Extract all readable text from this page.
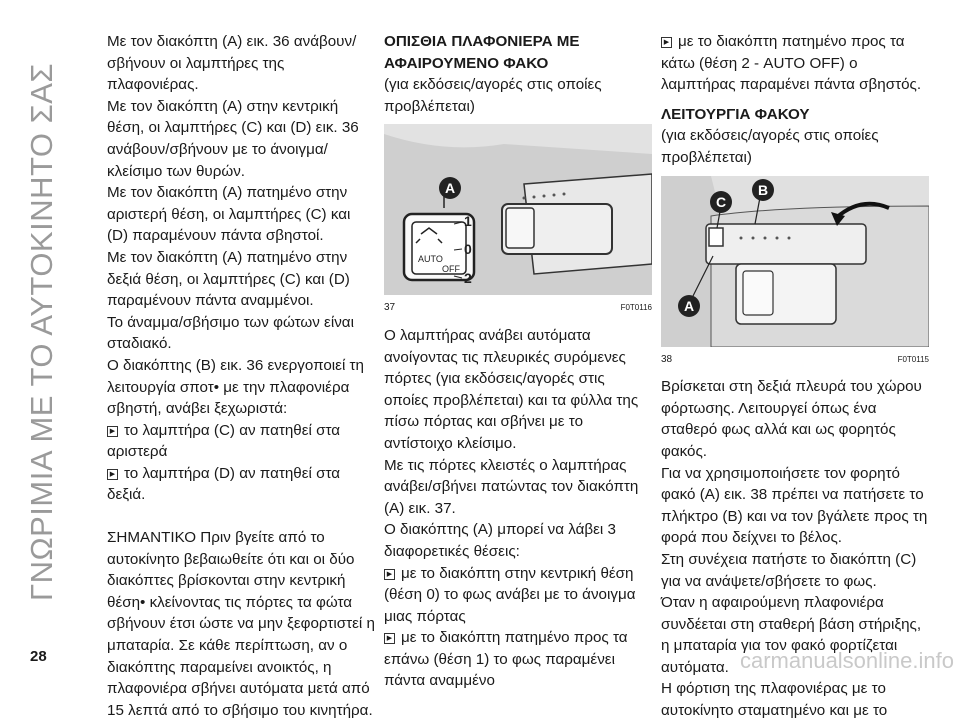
ΓΝΩΡΙΜΙΑ ΜΕ ΤΟ ΑΥΤΟΚΙΝΗΤΟ ΣΑΣ

Με τον διακόπτη (A) εικ. 36 ανάβουν/σβήνουν οι λαμπτήρες της πλαφονιέρας.

Με τον διακόπτη (A) στην κεντρική θέση, οι λαμπτήρες (C) και (D) εικ. 36 ανάβουν/σβήνουν με το άνοιγμα/κλείσιμο των θυρών.

Με τον διακόπτη (A) πατημένο στην αριστερή θέση, οι λαμπτήρες (C) και (D) παραμένουν πάντα σβηστοί.

Με τον διακόπτη (A) πατημένο στην δεξιά θέση, οι λαμπτήρες (C) και (D) παραμένουν πάντα αναμμένοι.

Το άναμμα/σβήσιμο των φώτων είναι σταδιακό.

Ο διακόπτης (B) εικ. 36 ενεργοποιεί τη λειτουργία σποτ• με την πλαφονιέρα σβηστή, ανάβει ξεχωριστά:

▶ το λαμπτήρα (C) αν πατηθεί στα αριστερά

▶ το λαμπτήρα (D) αν πατηθεί στα δεξιά.

ΣΗΜΑΝΤΙΚΟ Πριν βγείτε από το αυτοκίνητο βεβαιωθείτε ότι και οι δύο διακόπτες βρίσκονται στην κεντρική θέση• κλείνοντας τις πόρτες τα φώτα σβήνουν έτσι ώστε να μην ξεφορτιστεί η μπαταρία. Σε κάθε περίπτωση, αν ο διακόπτης παραμείνει ανοικτός, η πλαφονιέρα σβήνει αυτόματα μετά από 15 λεπτά από το σβήσιμο του κινητήρα.

ΟΠΙΣΘΙΑ ΠΛΑΦΟΝΙΕΡΑ ΜΕ ΑΦΑΙΡΟΥΜΕΝΟ ΦΑΚΟ

(για εκδόσεις/αγορές στις οποίες προβλέπεται)

AUTO
OFF
A
1
0
2
37	F0T0116

Ο λαμπτήρας ανάβει αυτόματα ανοίγοντας τις πλευρικές συρόμενες πόρτες (για εκδόσεις/αγορές στις οποίες προβλέπεται) και τα φύλλα της πίσω πόρτας και σβήνει με το αντίστοιχο κλείσιμο.

Με τις πόρτες κλειστές ο λαμπτήρας ανάβει/σβήνει πατώντας τον διακόπτη (A) εικ. 37.

Ο διακόπτης (A) μπορεί να λάβει 3 διαφορετικές θέσεις:

▶ με το διακόπτη στην κεντρική θέση (θέση 0) το φως ανάβει με το άνοιγμα μιας πόρτας

▶ με το διακόπτη πατημένο προς τα επάνω (θέση 1) το φως παραμένει πάντα αναμμένο

▶ με το διακόπτη πατημένο προς τα κάτω (θέση 2 - AUTO OFF) ο λαμπτήρας παραμένει πάντα σβηστός.

ΛΕΙΤΟΥΡΓΙΑ ΦΑΚΟΥ

(για εκδόσεις/αγορές στις οποίες προβλέπεται)

A
C
B
38	F0T0115

Βρίσκεται στη δεξιά πλευρά του χώρου φόρτωσης. Λειτουργεί όπως ένα σταθερό φως αλλά και ως φορητός φακός.

Για να χρησιμοποιήσετε τον φορητό φακό (A) εικ. 38 πρέπει να πατήσετε το πλήκτρο (B) και να τον βγάλετε προς τη φορά που δείχνει το βέλος.

Στη συνέχεια πατήστε το διακόπτη (C) για να ανάψετε/σβήσετε το φως.

Όταν η αφαιρούμενη πλαφονιέρα συνδέεται στη σταθερή βάση στήριξης, η μπαταρία για τον φακό φορτίζεται αυτόματα.

Η φόρτιση της πλαφονιέρας με το αυτοκίνητο σταματημένο και με το

28	carmanualsonline.info
